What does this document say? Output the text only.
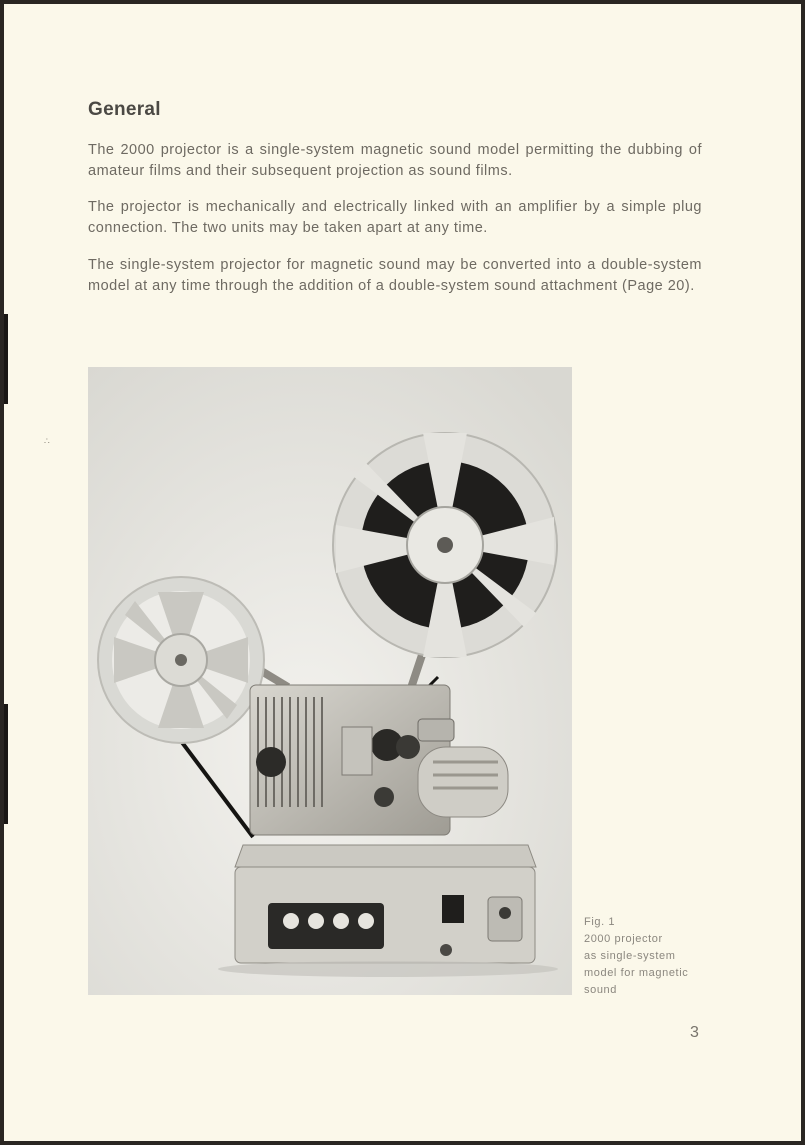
∴
General

The 2000 projector is a single-system magnetic sound model permitting the dubbing of amateur films and their subsequent projection as sound films.

The projector is mechanically and electrically linked with an amplifier by a simple plug connection. The two units may be taken apart at any time.

The single-system projector for magnetic sound may be converted into a double-system model at any time through the addition of a double-system sound attachment (Page 20).

Fig. 1
2000 projector
as single-system
model for magnetic
sound
3
